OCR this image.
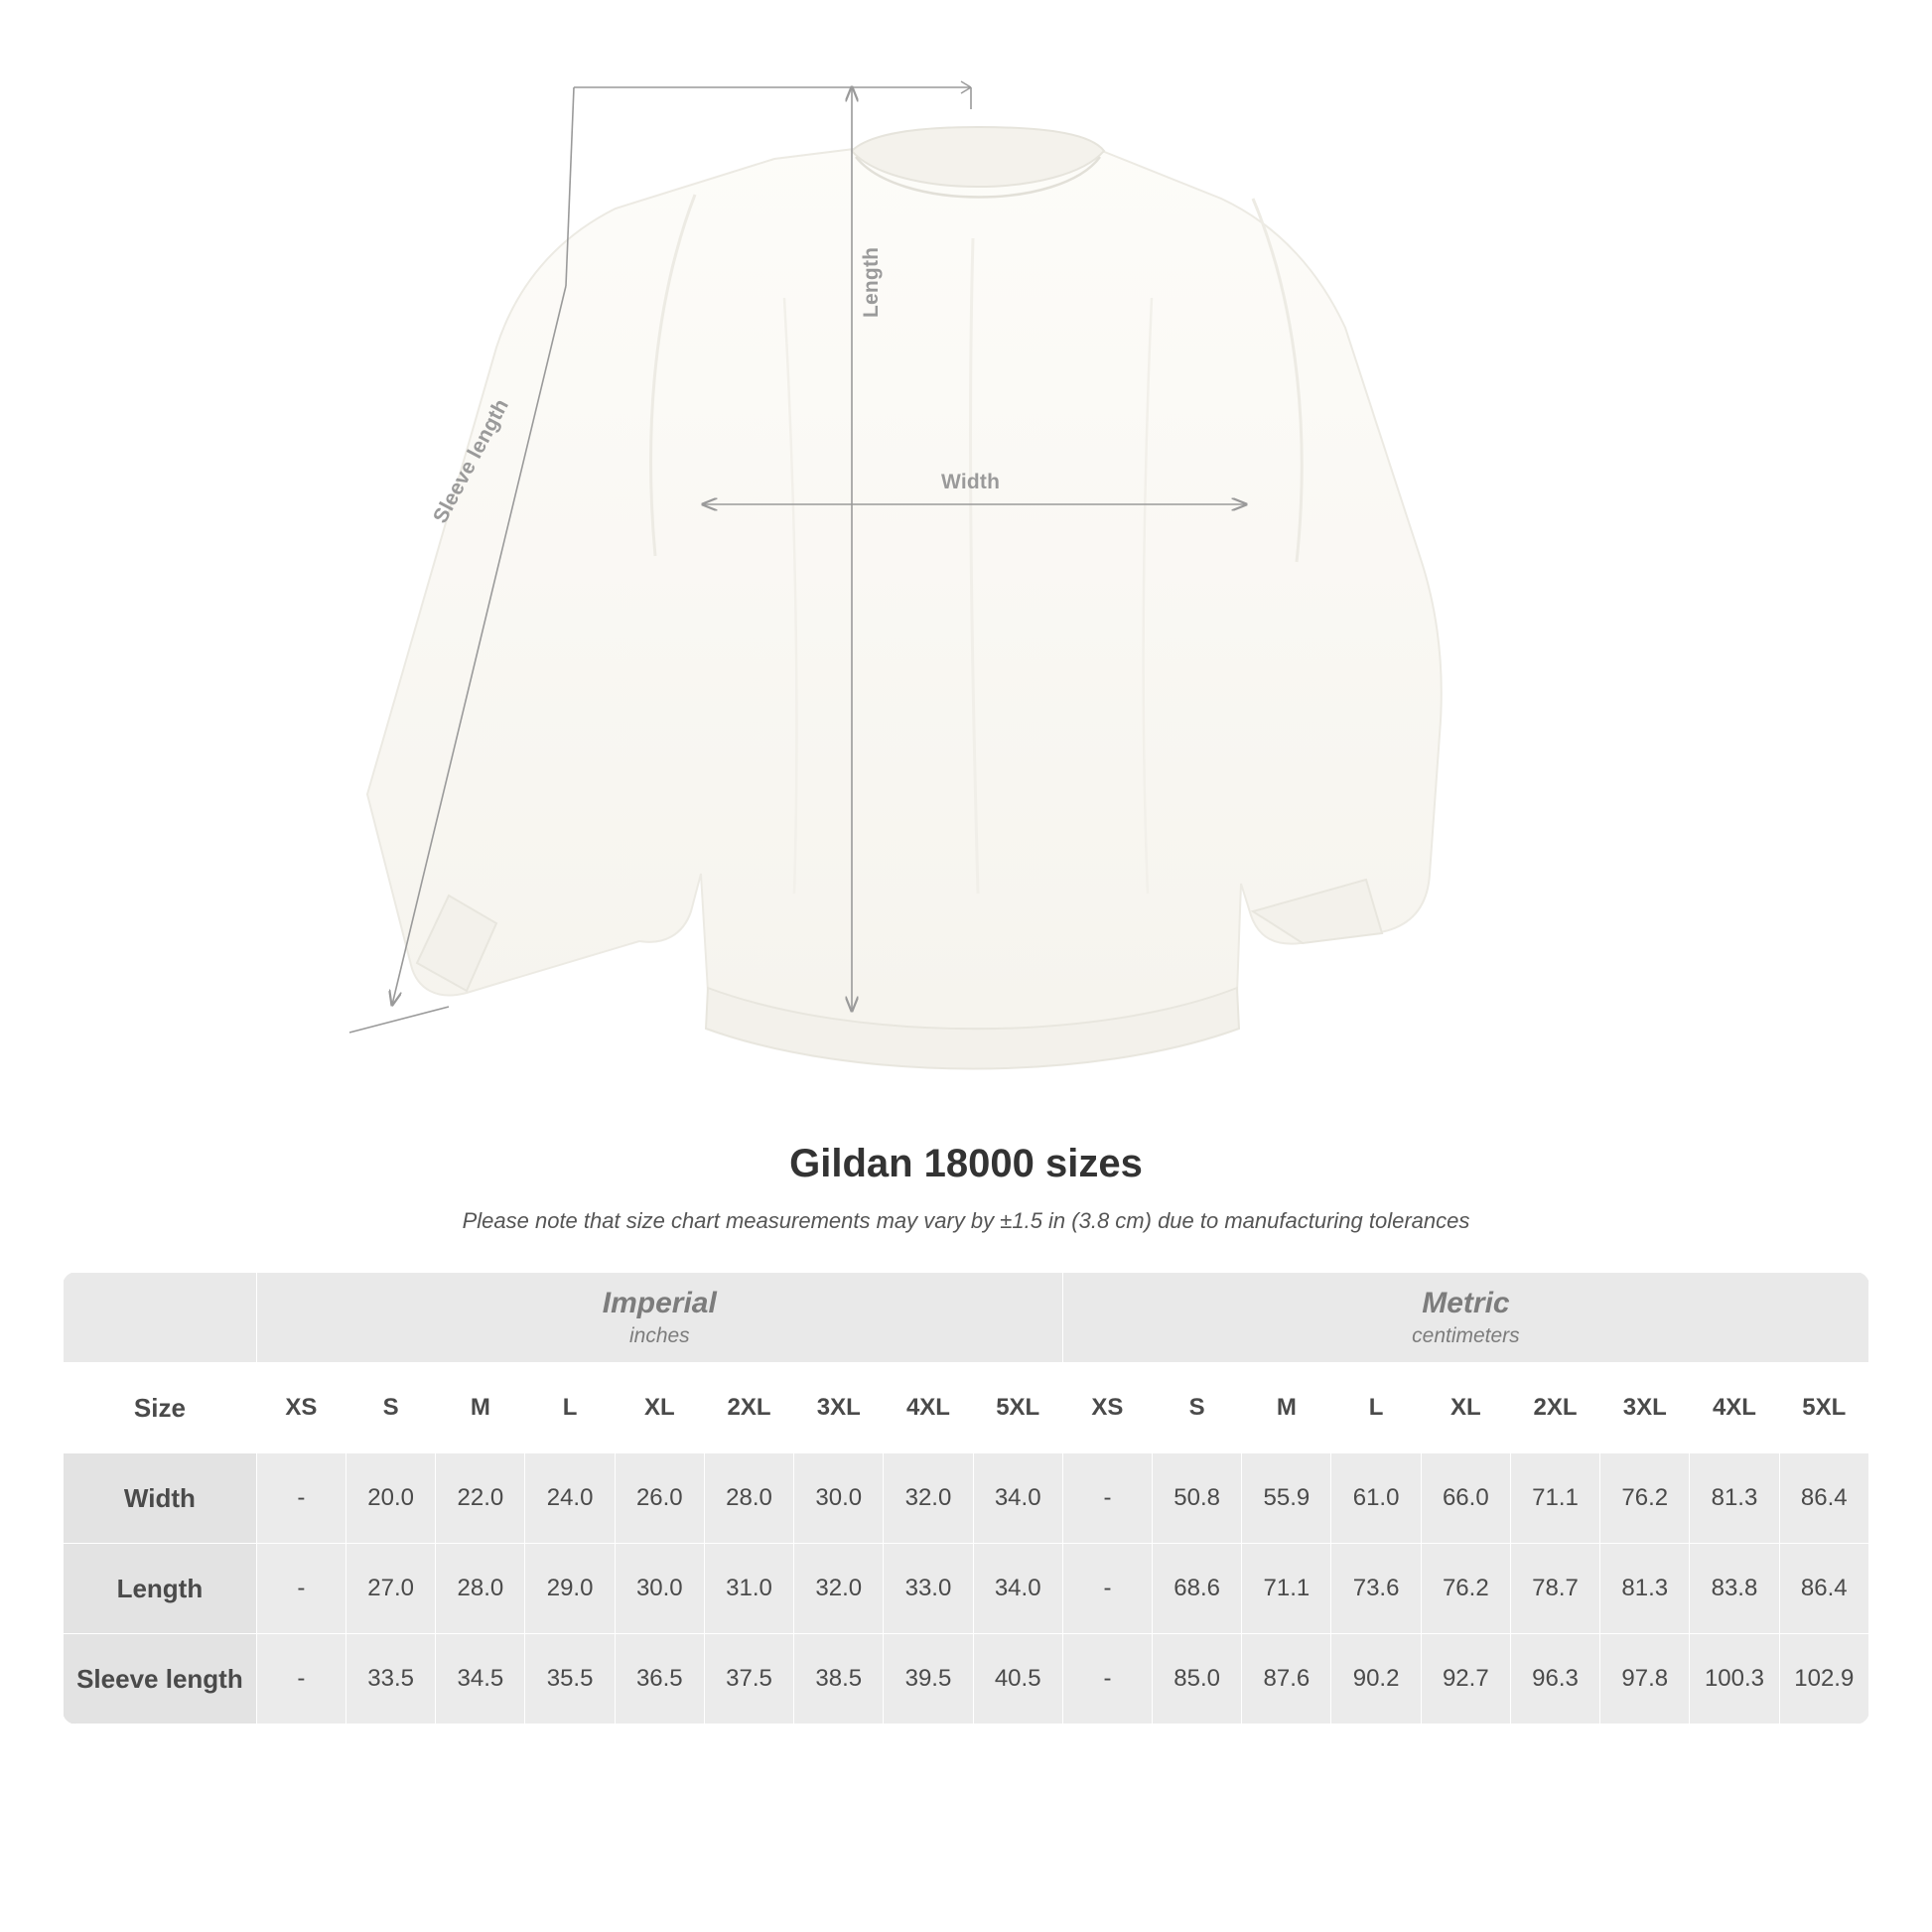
Length
Width
Sleeve length
Gildan 18000 sizes
Please note that size chart measurements may vary by ±1.5 in (3.8 cm) due to manufacturing tolerances

	Imperial
inches									Metric
centimeters								

Size	XS	S	M	L	XL	2XL	3XL	4XL	5XL	XS	S	M	L	XL	2XL	3XL	4XL	5XL
Width	-	20.0	22.0	24.0	26.0	28.0	30.0	32.0	34.0	-	50.8	55.9	61.0	66.0	71.1	76.2	81.3	86.4
Length	-	27.0	28.0	29.0	30.0	31.0	32.0	33.0	34.0	-	68.6	71.1	73.6	76.2	78.7	81.3	83.8	86.4
Sleeve length	-	33.5	34.5	35.5	36.5	37.5	38.5	39.5	40.5	-	85.0	87.6	90.2	92.7	96.3	97.8	100.3	102.9
